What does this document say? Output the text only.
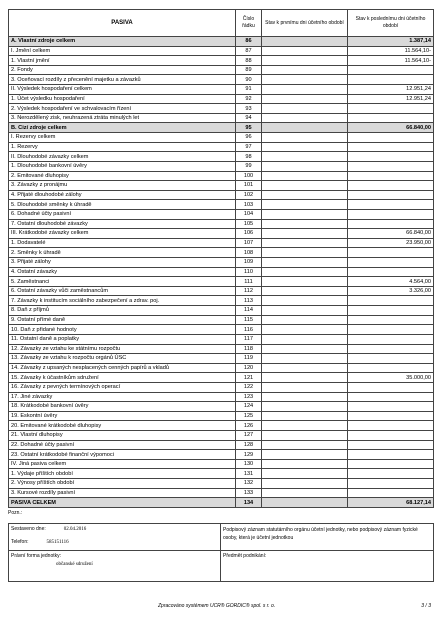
PASIVA	Číslo řádku	Stav k prvnímu dni účetního období	Stav k poslednímu dni účetního období
A. Vlastní zdroje celkem	86		1.387,14
I. Jmění celkem	87		11.564,10-
1. Vlastní jmění	88		11.564,10-
2. Fondy	89		
3. Oceňovací rozdíly z přecenění majetku a závazků	90		
II. Výsledek hospodaření celkem	91		12.951,24
1. Účet výsledku hospodaření	92		12.951,24
2. Výsledek hospodaření ve schvalovacím řízení	93		
3. Nerozdělený zisk, neuhrazená ztráta minulých let	94		
B. Cizí zdroje celkem	95		66.840,00
I. Rezervy celkem	96		
1. Rezervy	97		
II. Dlouhodobé závazky celkem	98		
1. Dlouhodobé bankovní úvěry	99		
2. Emitované dluhopisy	100		
3. Závazky z pronájmu	101		
4. Přijaté dlouhodobé zálohy	102		
5. Dlouhodobé směnky k úhradě	103		
6. Dohadné účty pasivní	104		
7. Ostatní dlouhodobé závazky	105		
III. Krátkodobé závazky celkem	106		66.840,00
1. Dodavatelé	107		23.950,00
2. Směnky k úhradě	108		
3. Přijaté zálohy	109		
4. Ostatní závazky	110		
5. Zaměstnanci	111		4.564,00
6. Ostatní závazky vůči zaměstnancům	112		3.326,00
7. Závazky k institucím sociálního zabezpečení a zdrav. poj.	113		
8. Daň z příjmů	114		
9. Ostatní přímé daně	115		
10. Daň z přidané hodnoty	116		
11. Ostatní daně a poplatky	117		
12. Závazky ze vztahu ke státnímu rozpočtu	118		
13. Závazky ze vztahu k rozpočtu orgánů ÚSC	119		
14. Závazky z upsaných nesplacených cenných papírů a vkladů	120		
15. Závazky k účastníkům sdružení	121		35.000,00
16. Závazky z pevných termínových operací	122		
17. Jiné závazky	123		
18. Krátkodobé bankovní úvěry	124		
19. Eskontní úvěry	125		
20. Emitované krátkodobé dluhopisy	126		
21. Vlastní dluhopisy	127		
22. Dohadné účty pasivní	128		
23. Ostatní krátkodobé finanční výpomoci	129		
IV. Jiná pasiva celkem	130		
1. Výdaje příštích období	131		
2. Výnosy příštích období	132		
3. Kursové rozdíly pasivní	133		
PASIVA CELKEM	134		68.127,14
Pozn.:
Sestaveno dne: 02.04.2016
Telefon: 585151116	Podpisový záznam statutárního orgánu účetní jednotky, nebo podpisový záznam fyzické osoby, která je účetní jednotkou

Právní forma jednotky:
občanské sdružení	Předmět podnikání:
Zpracováno systémem UCR® GORDIC® spol. s r. o.	3 / 3
